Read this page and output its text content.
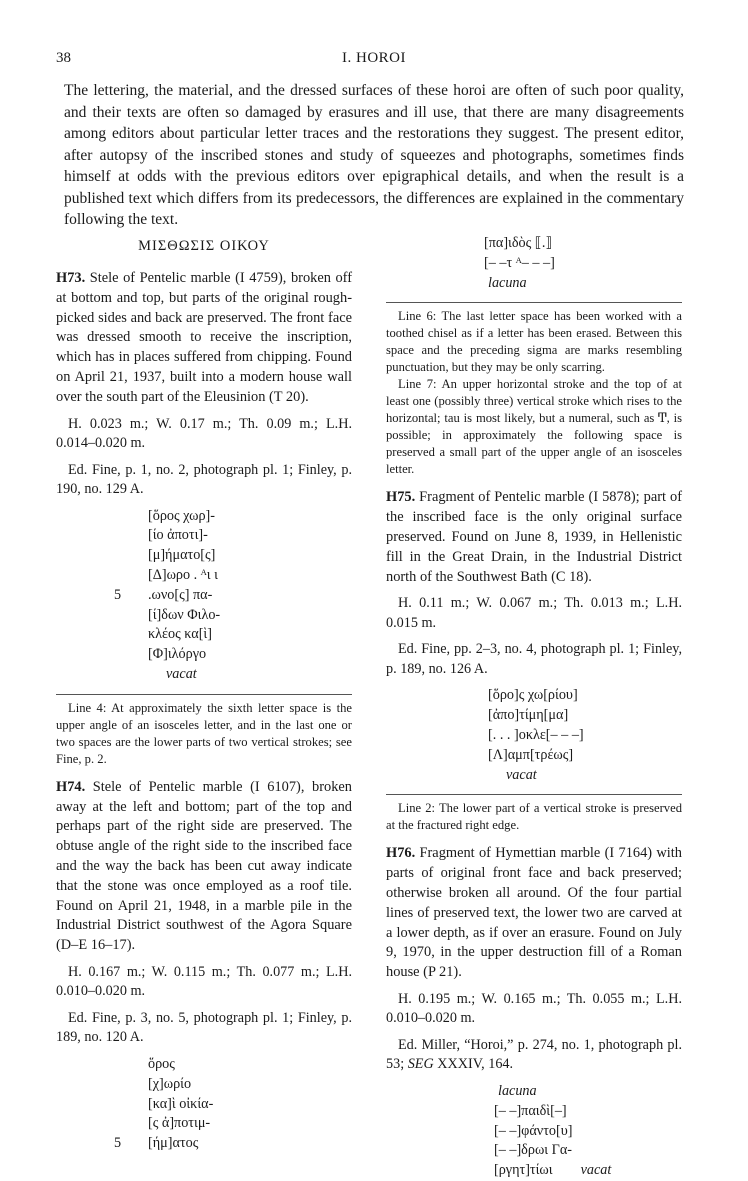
38	I. HOROI

The lettering, the material, and the dressed surfaces of these horoi are often of such poor quality, and their texts are often so damaged by erasures and ill use, that there are many disagreements among editors about particular letter traces and the restorations they suggest. The present editor, after autopsy of the inscribed stones and study of squeezes and photographs, sometimes finds himself at odds with the previous editors over epigraphical details, and when the result is a published text which differs from its predecessors, the differences are explained in the commentary following the text.

ΜΙΣΘΩΣΙΣ ΟΙΚΟΥ

H73. Stele of Pentelic marble (I 4759), broken off at bottom and top, but parts of the original rough-picked sides and back are preserved. The front face was dressed smooth to receive the inscription, which has in places suffered from chipping. Found on April 21, 1937, built into a modern house wall over the south part of the Eleusinion (T 20).

H. 0.023 m.; W. 0.17 m.; Th. 0.09 m.; L.H. 0.014–0.020 m.

Ed. Fine, p. 1, no. 2, photograph pl. 1; Finley, p. 190, no. 129 A.

[ὅρος χωρ]-
[ίο ἀποτι]-
[μ]ήματο[ς]
[Δ]ωρο . ᴬι ι
5 .ωνο[ς] πα-
[ί]δων Φιλο-
κλέος κα[ὶ]
[Φ]ιλόργο
vacat

Line 4: At approximately the sixth letter space is the upper angle of an isosceles letter, and in the last one or two spaces are the lower parts of two vertical strokes; see Fine, p. 2.

H74. Stele of Pentelic marble (I 6107), broken away at the left and bottom; part of the top and perhaps part of the right side are preserved. The obtuse angle of the right side to the inscribed face and the way the back has been cut away indicate that the stone was once employed as a roof tile. Found on April 21, 1948, in a marble pile in the Industrial District southwest of the Agora Square (D–E 16–17).

H. 0.167 m.; W. 0.115 m.; Th. 0.077 m.; L.H. 0.010–0.020 m.

Ed. Fine, p. 3, no. 5, photograph pl. 1; Finley, p. 189, no. 120 A.

ὅρος
[χ]ωρίο
[κα]ὶ οἰκία-
[ς ἀ]ποτιμ-
5 [ήμ]ατος
[πα]ιδὸς ⟦.⟧
[– –τ ᴬ– – –]
lacuna

Line 6: The last letter space has been worked with a toothed chisel as if a letter has been erased. Between this space and the preceding sigma are marks resembling punctuation, but they may be only scarring.

Line 7: An upper horizontal stroke and the top of at least one (possibly three) vertical stroke which rises to the horizontal; tau is most likely, but a numeral, such as Ͳ, is possible; in approximately the following space is preserved a small part of the upper angle of an isosceles letter.

H75. Fragment of Pentelic marble (I 5878); part of the inscribed face is the only original surface preserved. Found on June 8, 1939, in Hellenistic fill in the Great Drain, in the Industrial District north of the Southwest Bath (C 18).

H. 0.11 m.; W. 0.067 m.; Th. 0.013 m.; L.H. 0.015 m.

Ed. Fine, pp. 2–3, no. 4, photograph pl. 1; Finley, p. 189, no. 126 A.

[ὅρο]ς χω[ρίου]
[ἀπο]τίμη[μα]
[. . . ]οκλε[– – –]
[Λ]αμπ[τρέως]
vacat

Line 2: The lower part of a vertical stroke is preserved at the fractured right edge.

H76. Fragment of Hymettian marble (I 7164) with parts of original front face and back preserved; otherwise broken all around. Of the four partial lines of preserved text, the lower two are carved at a lower depth, as if over an erasure. Found on July 9, 1970, in the upper destruction fill of a Roman house (P 21).

H. 0.195 m.; W. 0.165 m.; Th. 0.055 m.; L.H. 0.010–0.020 m.

Ed. Miller, “Horoi,” p. 274, no. 1, photograph pl. 53; SEG XXXIV, 164.

lacuna
[– –]παιδὶ[–]
[– –]φάντο[υ]
[– –]δρωι Γα-
[ργητ]τίωι vacat
